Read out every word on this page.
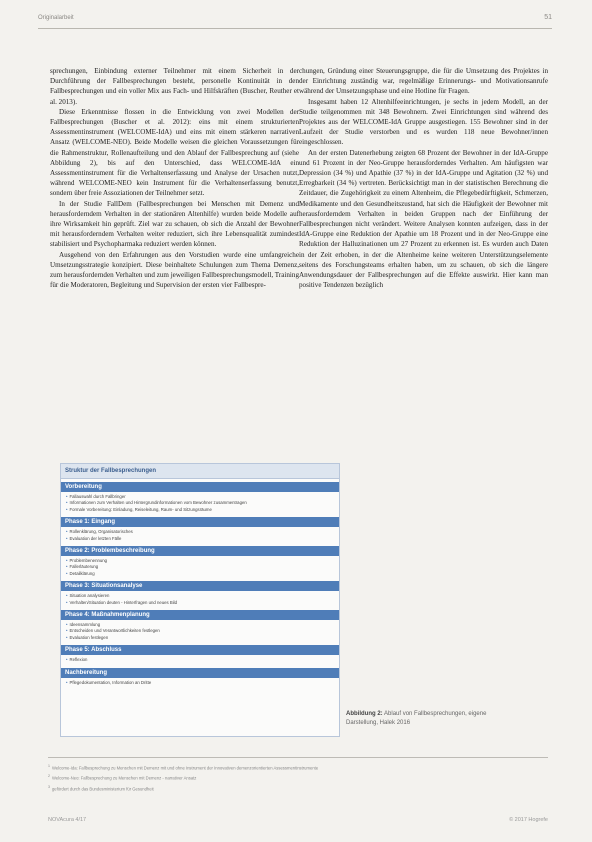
Originalarbeit	51

sprechungen, Einbindung externer Teilnehmer mit einem Sicherheit in der Durchführung der Fallbesprechungen besteht, personelle Kontinuität in den Fallbesprechungen und ein voller Mix aus Fach- und Hilfskräften (Buscher, Reuther et al. 2013).

Diese Erkenntnisse flossen in die Entwicklung von zwei Modellen der Fallbesprechungen (Buscher et al. 2012): eins mit einem strukturierten Assessmentinstrument (WELCOME-IdA) und eins mit einem stärkeren narrativen Ansatz (WELCOME-NEO). Beide Modelle weisen die gleichen Voraussetzungen für die Rahmenstruktur, Rollenaufteilung und den Ablauf der Fallbesprechung auf (siehe Abbildung 2), bis auf den Unterschied, dass WELCOME-IdA ein Assessmentinstrument für die Verhaltenserfassung und Analyse der Ursachen nutzt, während WELCOME-NEO kein Instrument für die Verhaltenserfassung benutzt, sondern über freie Assoziationen der Teilnehmer setzt.

In der Studie FallDem (Fallbesprechungen bei Menschen mit Demenz und herausforderndem Verhalten in der stationären Altenhilfe) wurden beide Modelle auf ihre Wirksamkeit hin geprüft. Ziel war zu schauen, ob sich die Anzahl der Bewohner mit herausforderndem Verhalten weiter reduziert, sich ihre Lebensqualität zumindest stabilisiert und Psychopharmaka reduziert werden können.

Ausgehend von den Erfahrungen aus den Vorstudien wurde eine umfangreiche Umsetzungsstrategie konzipiert. Diese beinhaltete Schulungen zum Thema Demenz, zum herausfordernden Verhalten und zum jeweiligen Fallbesprechungsmodell, Training für die Moderatoren, Begleitung und Supervision der ersten vier Fallbespre-

chungen, Gründung einer Steuerungsgruppe, die für die Umsetzung des Projektes in der Einrichtung zuständig war, regelmäßige Erinnerungs- und Motivationsanrufe während der Umsetzungsphase und eine Hotline für Fragen.

Insgesamt haben 12 Altenhilfeeinrichtungen, je sechs in jedem Modell, an der Studie teilgenommen mit 348 Bewohnern. Zwei Einrichtungen sind während des Projektes aus der WELCOME-IdA Gruppe ausgestiegen. 155 Bewohner sind in der Laufzeit der Studie verstorben und es wurden 118 neue Bewohner/innen eingeschlossen.

An der ersten Datenerhebung zeigten 68 Prozent der Bewohner in der IdA-Gruppe und 61 Prozent in der Neo-Gruppe herausforderndes Verhalten. Am häufigsten war Depression (34 %) und Apathie (37 %) in der IdA-Gruppe und Agitation (32 %) und Erregbarkeit (34 %) vertreten. Berücksichtigt man in der statistischen Berechnung die Zeitdauer, die Zugehörigkeit zu einem Altenheim, die Pflegebedürftigkeit, Schmerzen, Medikamente und den Gesundheitszustand, hat sich die Häufigkeit der Bewohner mit herausforderndem Verhalten in beiden Gruppen nach der Einführung der Fallbesprechungen nicht verändert. Weitere Analysen konnten aufzeigen, dass in der IdA-Gruppe eine Reduktion der Apathie um 18 Prozent und in der Neo-Gruppe eine Reduktion der Halluzinationen um 27 Prozent zu erkennen ist. Es wurden auch Daten in der Zeit erhoben, in der die Altenheime keine weiteren Unterstützungselemente seitens des Forschungsteams erhalten haben, um zu schauen, ob sich die längere Anwendungsdauer der Fallbesprechungen auf die Effekte auswirkt. Hier kann man positive Tendenzen bezüglich

Struktur der Fallbesprechungen
Vorbereitung
• Fallauswahl durch Fallbringer
• Informationen zum Verhalten und Hintergrundinformationen vom Bewohner zusammentragen
• Formale Vorbereitung: Einladung, Reiseleitung, Raum- und Sitzungsräume
Phase 1: Eingang
• Rollenklärung, Organisatorisches
• Evaluation der letzten Fälle
Phase 2: Problembeschreibung
• Problembenennung
• Fallerläuterung
• Detailklärung
Phase 3: Situationsanalyse
• Situation analysieren
• Verhalten/Situation deuten - Hinterfragen und neues Bild
Phase 4: Maßnahmenplanung
• Ideensammlung
• Entscheiden und Verantwortlichkeiten festlegen
• Evaluation festlegen
Phase 5: Abschluss
• Reflexion
Nachbereitung
• Pflegedokumentation, Information an Dritte
Abbildung 2: Ablauf von Fallbesprechungen, eigene Darstellung, Halek 2016
$^1$ Welcome-Ida: Fallbesprechung zu Menschen mit Demenz mit und ohne Instrument der Innovativen demenzorientierten Assessmentinstrumente
$^2$ Welcome-Neo: Fallbesprechung zu Menschen mit Demenz - narrativer Ansatz
$^3$ gefördert durch das Bundesministerium für Gesundheit
NOVAcura 4/17	© 2017 Hogrefe
